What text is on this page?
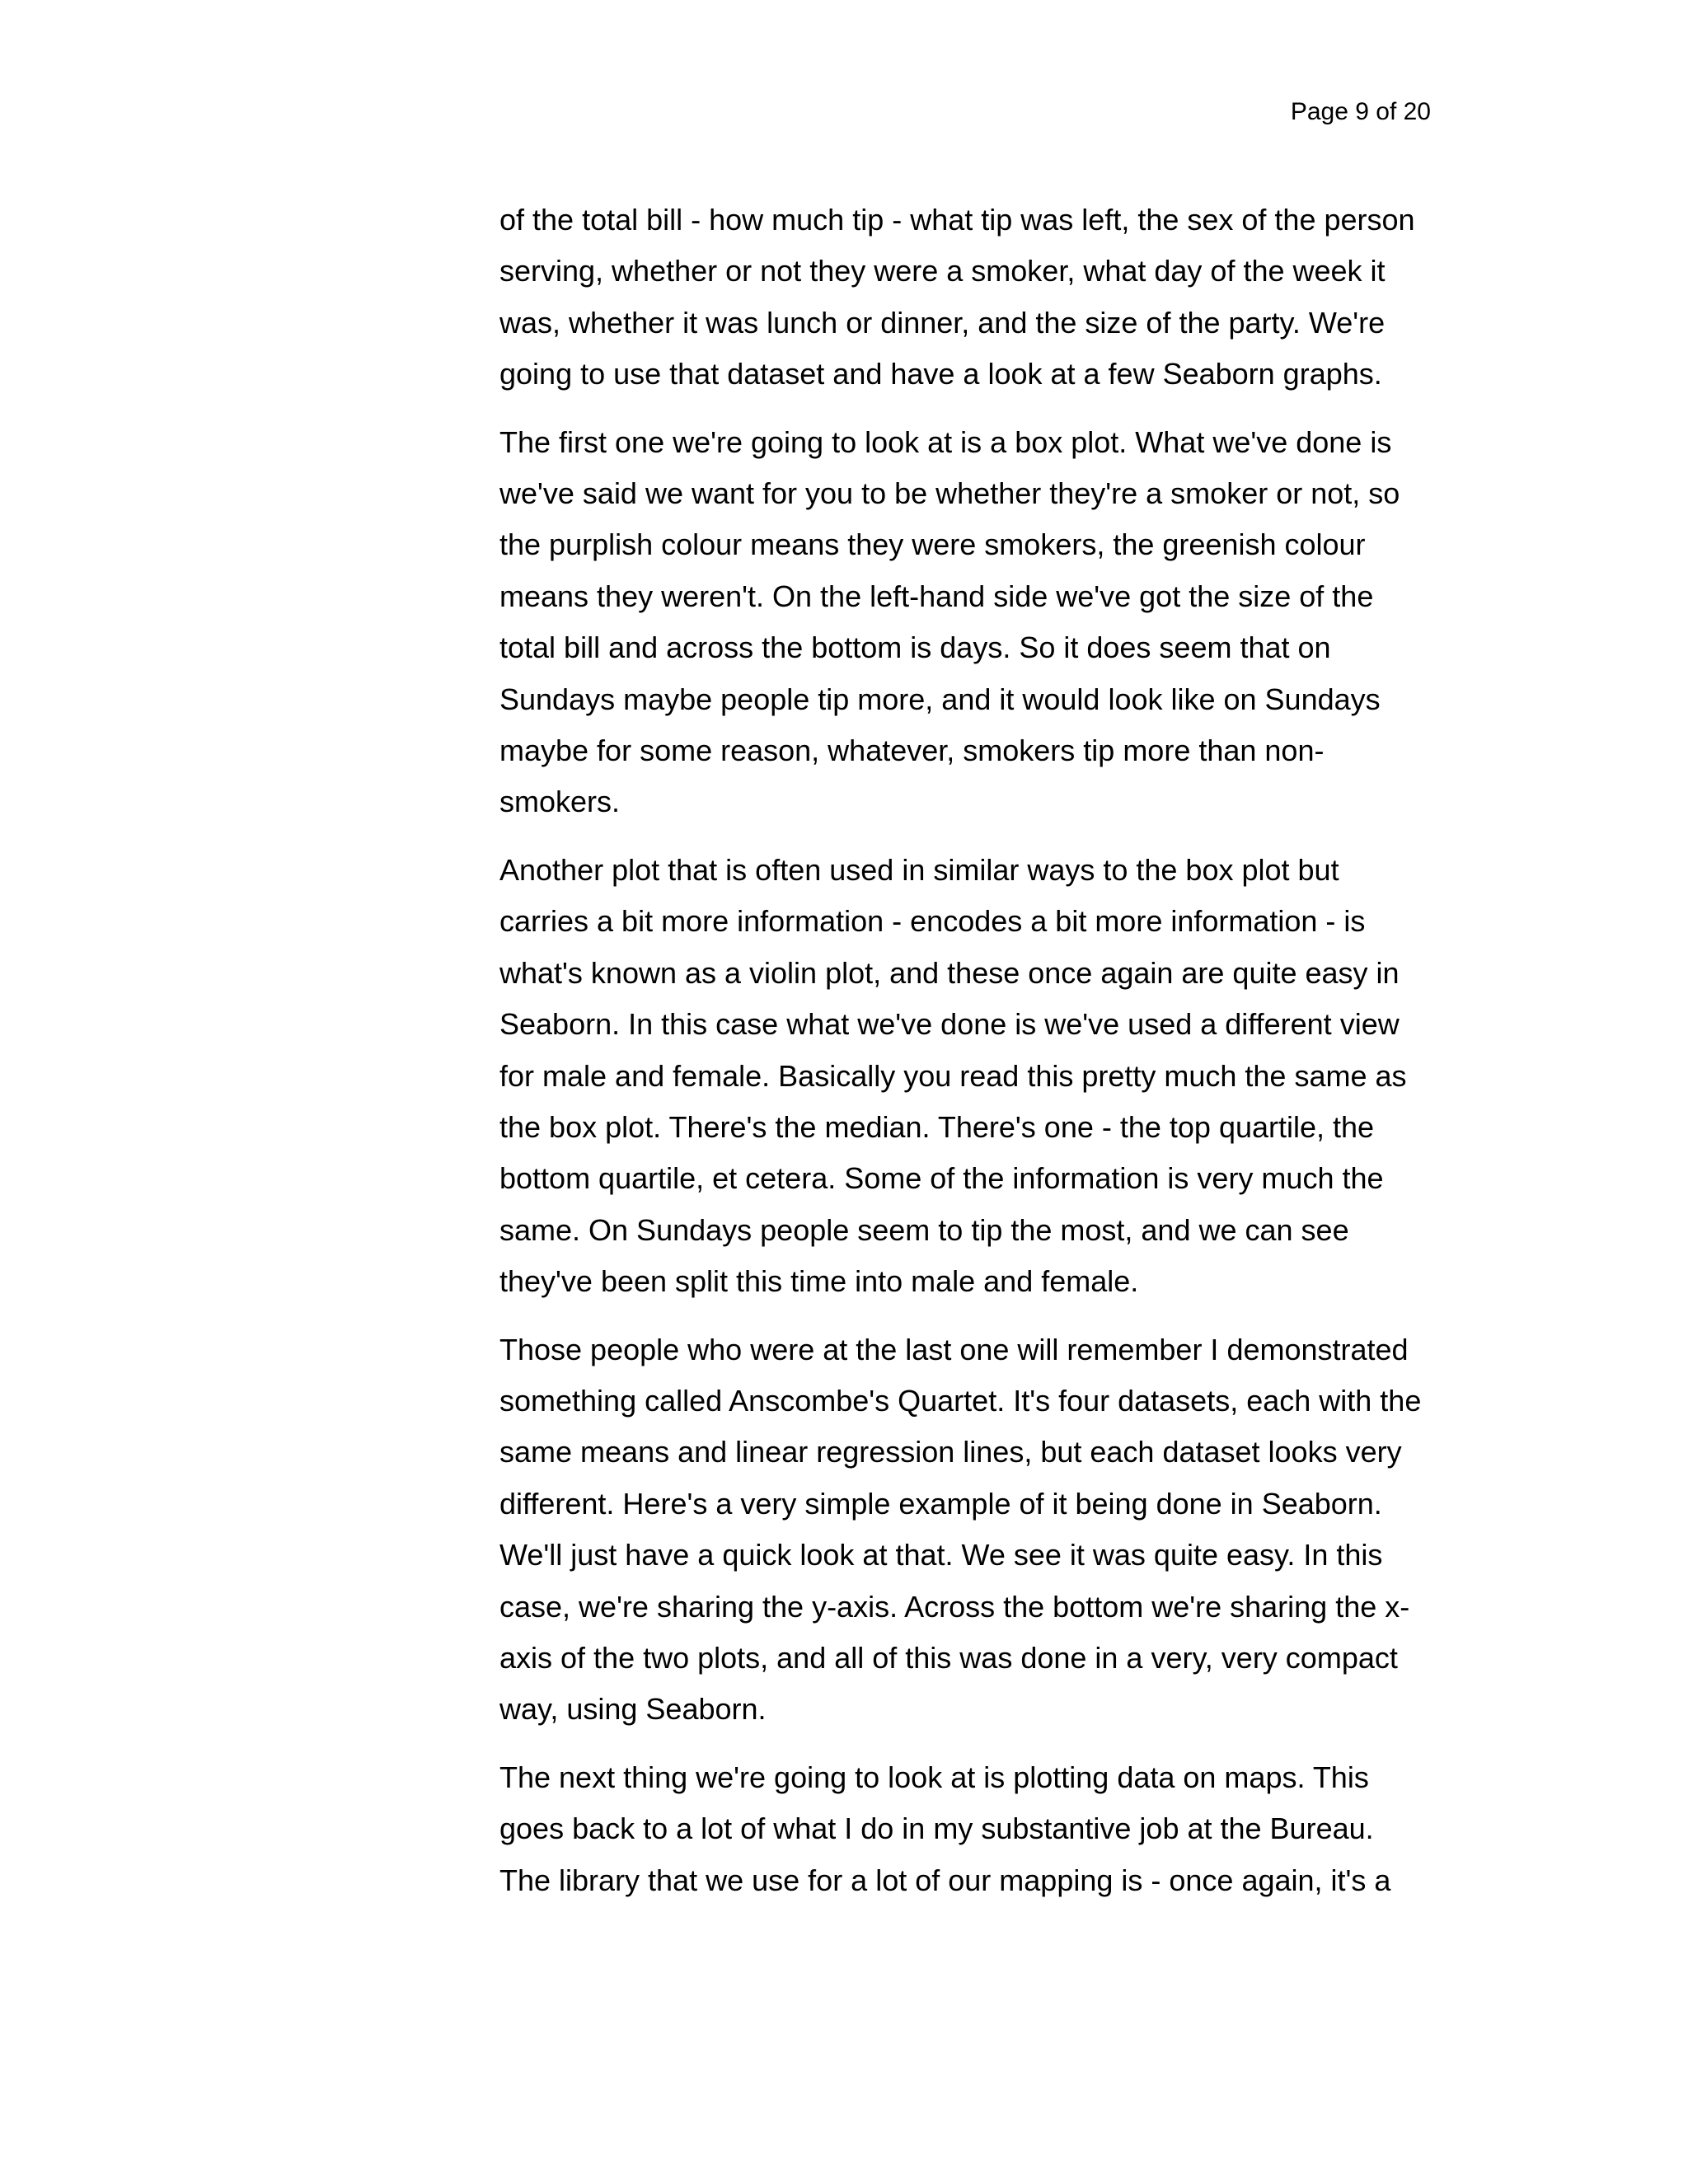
Page 9 of 20

of the total bill - how much tip - what tip was left, the sex of the person
serving, whether or not they were a smoker, what day of the week it
was, whether it was lunch or dinner, and the size of the party. We're
going to use that dataset and have a look at a few Seaborn graphs.

The first one we're going to look at is a box plot. What we've done is
we've said we want for you to be whether they're a smoker or not, so
the purplish colour means they were smokers, the greenish colour
means they weren't. On the left-hand side we've got the size of the
total bill and across the bottom is days. So it does seem that on
Sundays maybe people tip more, and it would look like on Sundays
maybe for some reason, whatever, smokers tip more than non-
smokers.

Another plot that is often used in similar ways to the box plot but
carries a bit more information - encodes a bit more information - is
what's known as a violin plot, and these once again are quite easy in
Seaborn. In this case what we've done is we've used a different view
for male and female. Basically you read this pretty much the same as
the box plot. There's the median. There's one - the top quartile, the
bottom quartile, et cetera. Some of the information is very much the
same. On Sundays people seem to tip the most, and we can see
they've been split this time into male and female.

Those people who were at the last one will remember I demonstrated
something called Anscombe's Quartet. It's four datasets, each with the
same means and linear regression lines, but each dataset looks very
different. Here's a very simple example of it being done in Seaborn.
We'll just have a quick look at that. We see it was quite easy. In this
case, we're sharing the y-axis. Across the bottom we're sharing the x-
axis of the two plots, and all of this was done in a very, very compact
way, using Seaborn.

The next thing we're going to look at is plotting data on maps. This
goes back to a lot of what I do in my substantive job at the Bureau.
The library that we use for a lot of our mapping is - once again, it's a
